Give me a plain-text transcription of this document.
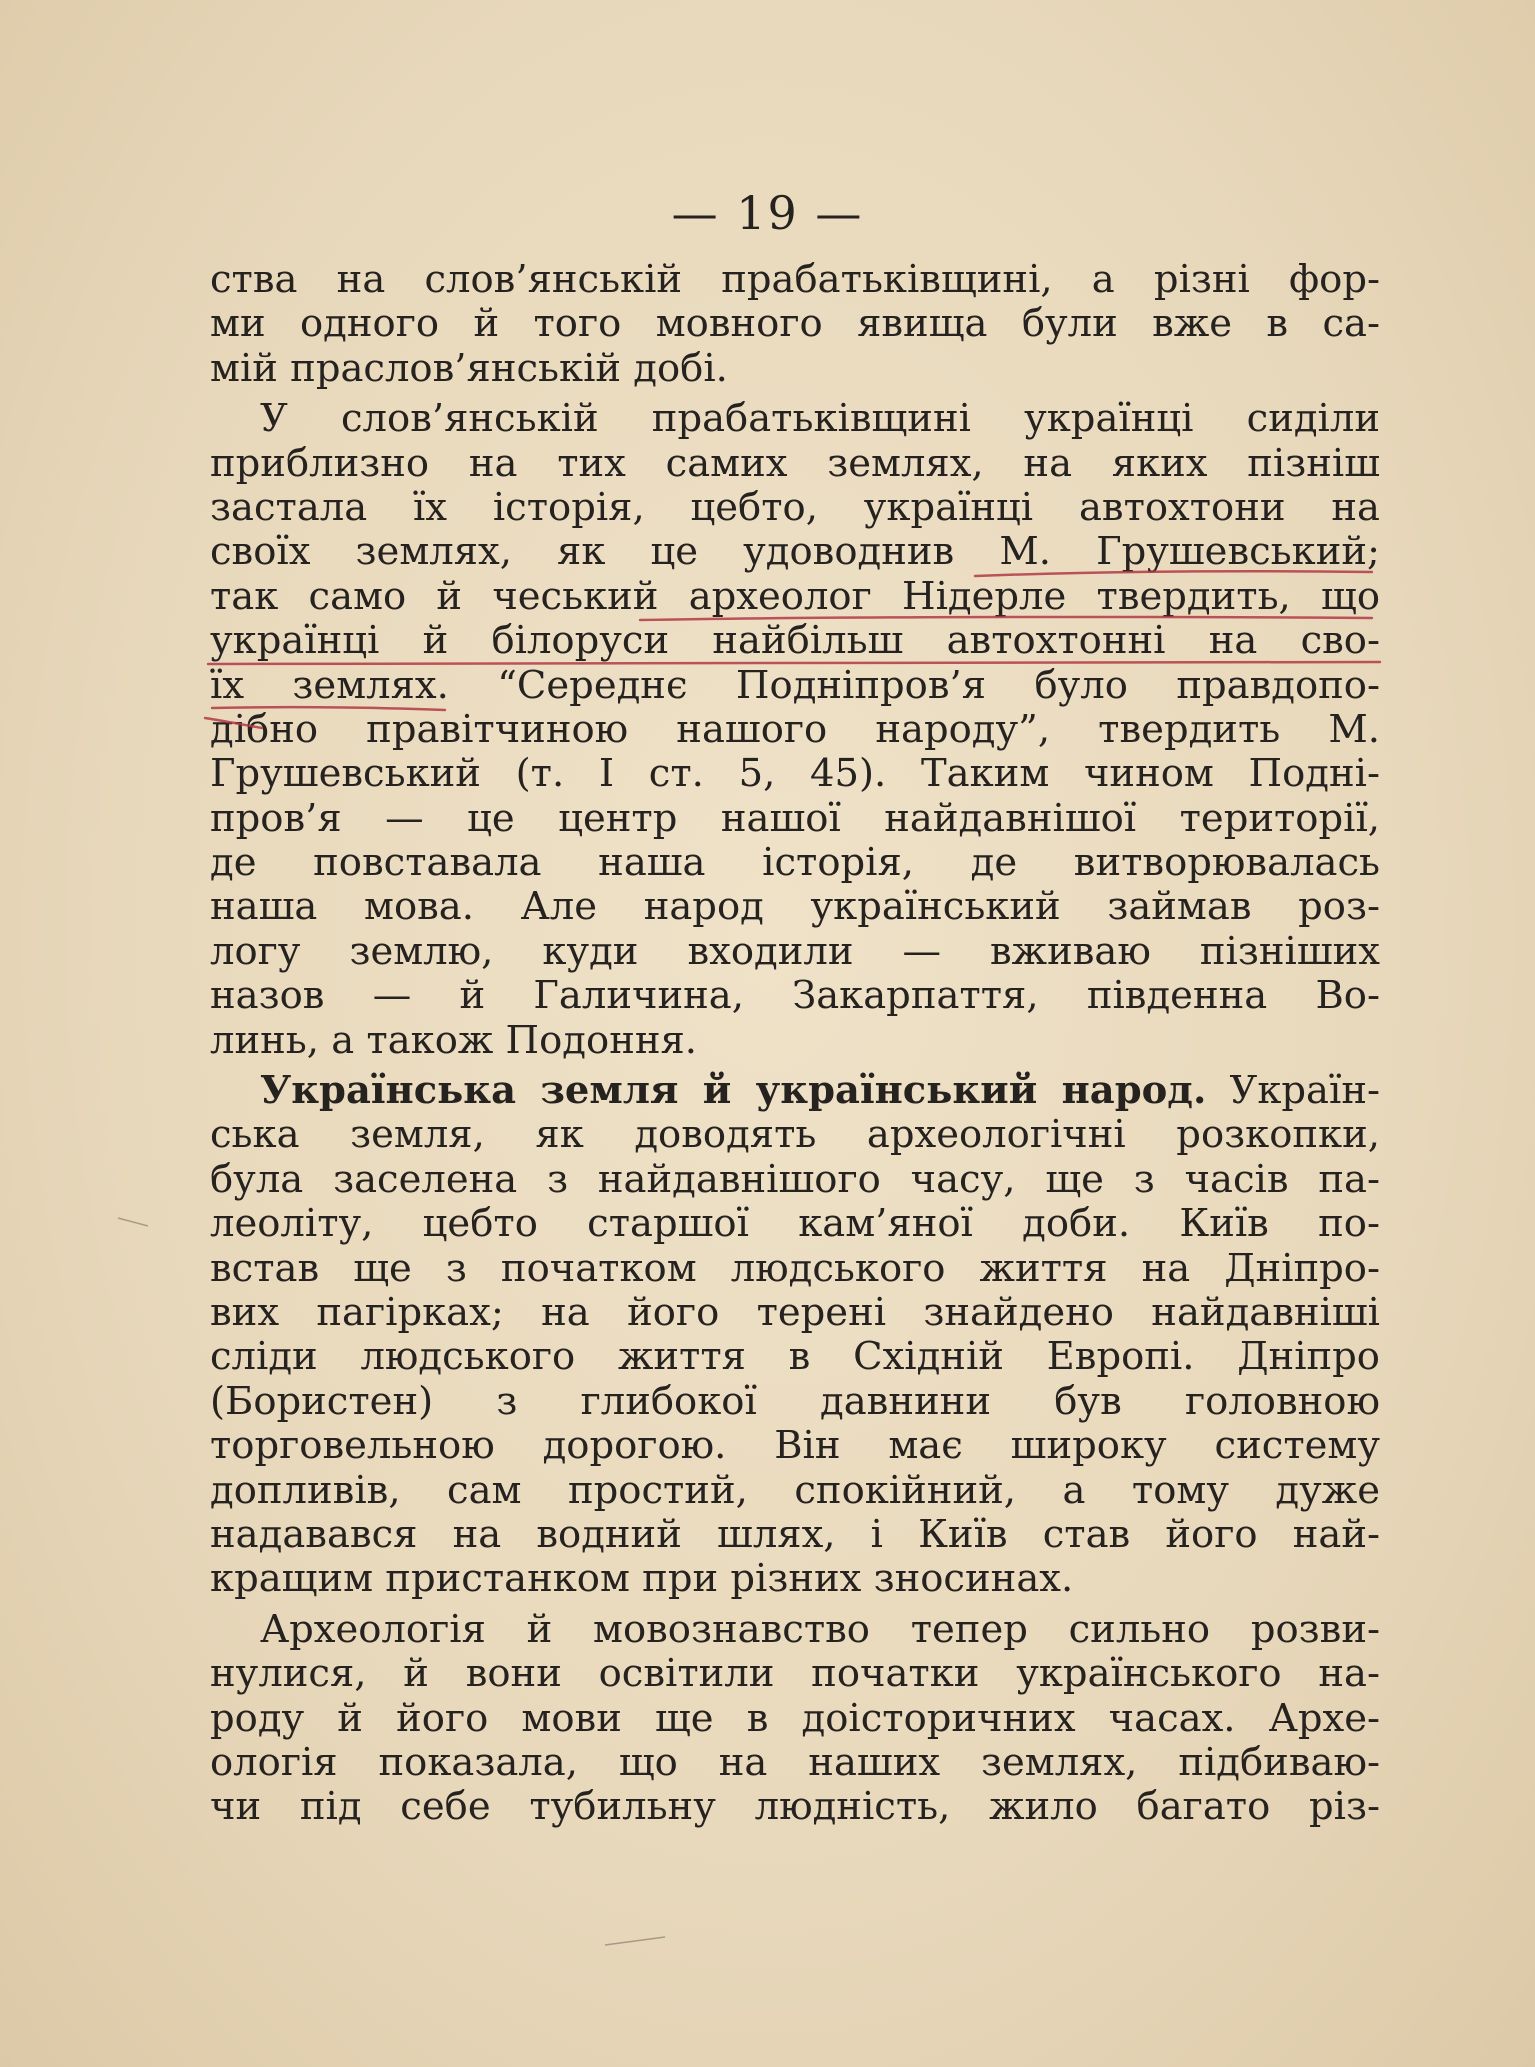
— 19 —
ства на слов’янській прабатьківщині, а різні фор-
ми одного й того мовного явища були вже в са-
мій праслов’янській добі.
У слов’янській прабатьківщині українці сиділи
приблизно на тих самих землях, на яких пізніш
застала їх історія, цебто, українці автохтони на
своїх землях, як це удоводнив М. Грушевський;
так само й чеський археолог Нідерле твердить, що
українці й білоруси найбільш автохтонні на сво-
їх землях. “Середнє Подніпров’я було правдопо-
дібно правітчиною нашого народу”, твердить М.
Грушевський (т. І ст. 5, 45). Таким чином Подні-
пров’я — це центр нашої найдавнішої території,
де повставала наша історія, де витворювалась
наша мова. Але народ український займав роз-
логу землю, куди входили — вживаю пізніших
назов — й Галичина, Закарпаття, південна Во-
линь, а також Подоння.
Українська земля й український народ. Україн-
ська земля, як доводять археологічні розкопки,
була заселена з найдавнішого часу, ще з часів па-
леоліту, цебто старшої кам’яної доби. Київ по-
встав ще з початком людського життя на Дніпро-
вих пагірках; на його терені знайдено найдавніші
сліди людського життя в Східній Европі. Дніпро
(Бористен) з глибокої давнини був головною
торговельною дорогою. Він має широку систему
допливів, сам простий, спокійний, а тому дуже
надавався на водний шлях, і Київ став його най-
кращим пристанком при різних зносинах.
Археологія й мовознавство тепер сильно розви-
нулися, й вони освітили початки українського на-
роду й його мови ще в доісторичних часах. Архе-
ологія показала, що на наших землях, підбиваю-
чи під себе тубильну людність, жило багато різ-
